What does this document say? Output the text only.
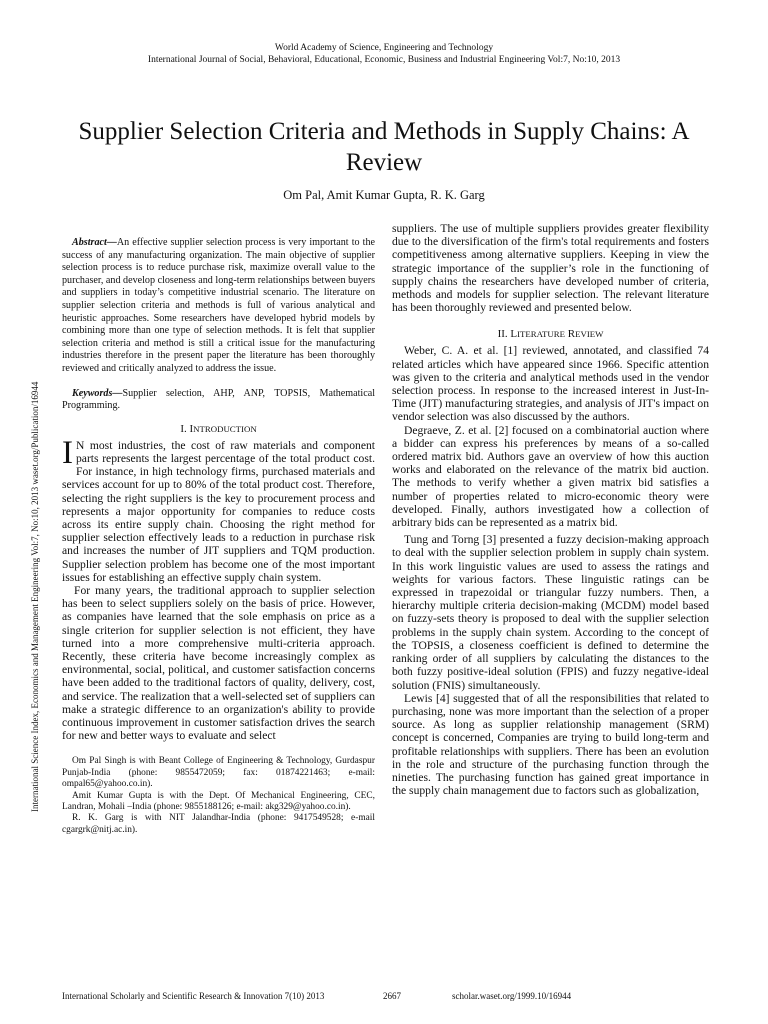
World Academy of Science, Engineering and Technology
International Journal of Social, Behavioral, Educational, Economic, Business and Industrial Engineering Vol:7, No:10, 2013
Supplier Selection Criteria and Methods in Supply Chains: A Review
Om Pal, Amit Kumar Gupta, R. K. Garg
International Science Index, Economics and Management Engineering Vol:7, No:10, 2013 waset.org/Publication/16944

Abstract—An effective supplier selection process is very important to the success of any manufacturing organization. The main objective of supplier selection process is to reduce purchase risk, maximize overall value to the purchaser, and develop closeness and long-term relationships between buyers and suppliers in today’s competitive industrial scenario. The literature on supplier selection criteria and methods is full of various analytical and heuristic approaches. Some researchers have developed hybrid models by combining more than one type of selection methods. It is felt that supplier selection criteria and method is still a critical issue for the manufacturing industries therefore in the present paper the literature has been thoroughly reviewed and critically analyzed to address the issue.

Keywords—Supplier selection, AHP, ANP, TOPSIS, Mathematical Programming.

I. INTRODUCTION

I N most industries, the cost of raw materials and component parts represents the largest percentage of the total product cost. For instance, in high technology firms, purchased materials and services account for up to 80% of the total product cost. Therefore, selecting the right suppliers is the key to procurement process and represents a major opportunity for companies to reduce costs across its entire supply chain. Choosing the right method for supplier selection effectively leads to a reduction in purchase risk and increases the number of JIT suppliers and TQM production. Supplier selection problem has become one of the most important issues for establishing an effective supply chain system.

For many years, the traditional approach to supplier selection has been to select suppliers solely on the basis of price. However, as companies have learned that the sole emphasis on price as a single criterion for supplier selection is not efficient, they have turned into a more comprehensive multi-criteria approach. Recently, these criteria have become increasingly complex as environmental, social, political, and customer satisfaction concerns have been added to the traditional factors of quality, delivery, cost, and service. The realization that a well-selected set of suppliers can make a strategic difference to an organization's ability to provide continuous improvement in customer satisfaction drives the search for new and better ways to evaluate and select

Om Pal Singh is with Beant College of Engineering & Technology, Gurdaspur Punjab-India (phone: 9855472059; fax: 01874221463; e-mail: ompal65@yahoo.co.in).

Amit Kumar Gupta is with the Dept. Of Mechanical Engineering, CEC, Landran, Mohali –India (phone: 9855188126; e-mail: akg329@yahoo.co.in).

R. K. Garg is with NIT Jalandhar-India (phone: 9417549528; e-mail cgargrk@nitj.ac.in).

suppliers. The use of multiple suppliers provides greater flexibility due to the diversification of the firm's total requirements and fosters competitiveness among alternative suppliers. Keeping in view the strategic importance of the supplier’s role in the functioning of supply chains the researchers have developed number of criteria, methods and models for supplier selection. The relevant literature has been thoroughly reviewed and presented below.

II. LITERATURE REVIEW

Weber, C. A. et al. [1] reviewed, annotated, and classified 74 related articles which have appeared since 1966. Specific attention was given to the criteria and analytical methods used in the vendor selection process. In response to the increased interest in Just-In-Time (JIT) manufacturing strategies, and analysis of JIT's impact on vendor selection was also discussed by the authors.

Degraeve, Z. et al. [2] focused on a combinatorial auction where a bidder can express his preferences by means of a so-called ordered matrix bid. Authors gave an overview of how this auction works and elaborated on the relevance of the matrix bid auction. The methods to verify whether a given matrix bid satisfies a number of properties related to micro-economic theory were developed. Finally, authors investigated how a collection of arbitrary bids can be represented as a matrix bid.

Tung and Torng [3] presented a fuzzy decision-making approach to deal with the supplier selection problem in supply chain system. In this work linguistic values are used to assess the ratings and weights for various factors. These linguistic ratings can be expressed in trapezoidal or triangular fuzzy numbers. Then, a hierarchy multiple criteria decision-making (MCDM) model based on fuzzy-sets theory is proposed to deal with the supplier selection problems in the supply chain system. According to the concept of the TOPSIS, a closeness coefficient is defined to determine the ranking order of all suppliers by calculating the distances to the both fuzzy positive-ideal solution (FPIS) and fuzzy negative-ideal solution (FNIS) simultaneously.

Lewis [4] suggested that of all the responsibilities that related to purchasing, none was more important than the selection of a proper source. As long as supplier relationship management (SRM) concept is concerned, Companies are trying to build long-term and profitable relationships with suppliers. There has been an evolution in the role and structure of the purchasing function through the nineties. The purchasing function has gained great importance in the supply chain management due to factors such as globalization,

International Scholarly and Scientific Research & Innovation 7(10) 2013	2667	scholar.waset.org/1999.10/16944
